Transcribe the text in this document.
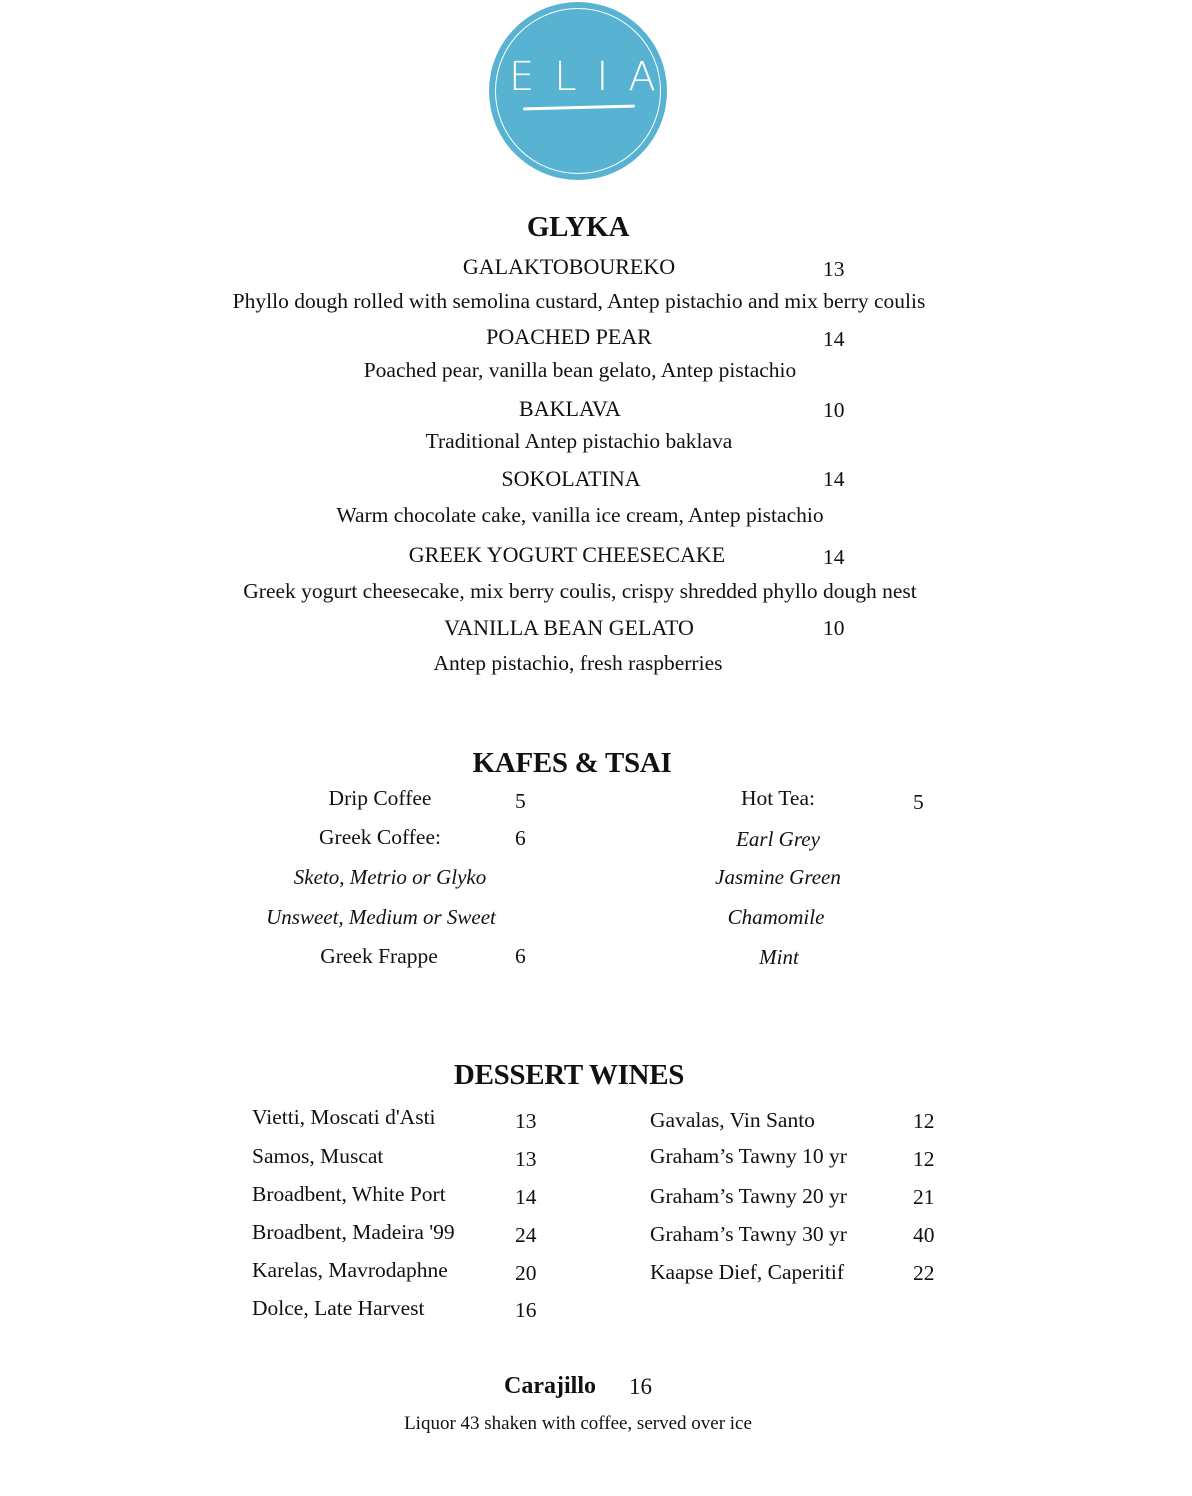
ELIA
GLYKA
GALAKTOBOUREKO	13
Phyllo dough rolled with semolina custard, Antep pistachio and mix berry coulis
POACHED PEAR	14
Poached pear, vanilla bean gelato, Antep pistachio
BAKLAVA	10
Traditional Antep pistachio baklava
SOKOLATINA	14
Warm chocolate cake, vanilla ice cream, Antep pistachio
GREEK YOGURT CHEESECAKE	14
Greek yogurt cheesecake, mix berry coulis, crispy shredded phyllo dough nest
VANILLA BEAN GELATO	10
Antep pistachio, fresh raspberries
KAFES & TSAI
Drip Coffee	5
Greek Coffee:	6
Sketo, Metrio or Glyko
Unsweet, Medium or Sweet
Greek Frappe	6
Hot Tea:	5
Earl Grey
Jasmine Green
Chamomile
Mint
DESSERT WINES
Vietti, Moscati d'Asti	13
Samos, Muscat	13
Broadbent, White Port	14
Broadbent, Madeira '99	24
Karelas, Mavrodaphne	20
Dolce, Late Harvest	16
Gavalas, Vin Santo	12
Graham’s Tawny 10 yr	12
Graham’s Tawny 20 yr	21
Graham’s Tawny 30 yr	40
Kaapse Dief, Caperitif	22
Carajillo 16
Liquor 43 shaken with coffee, served over ice
